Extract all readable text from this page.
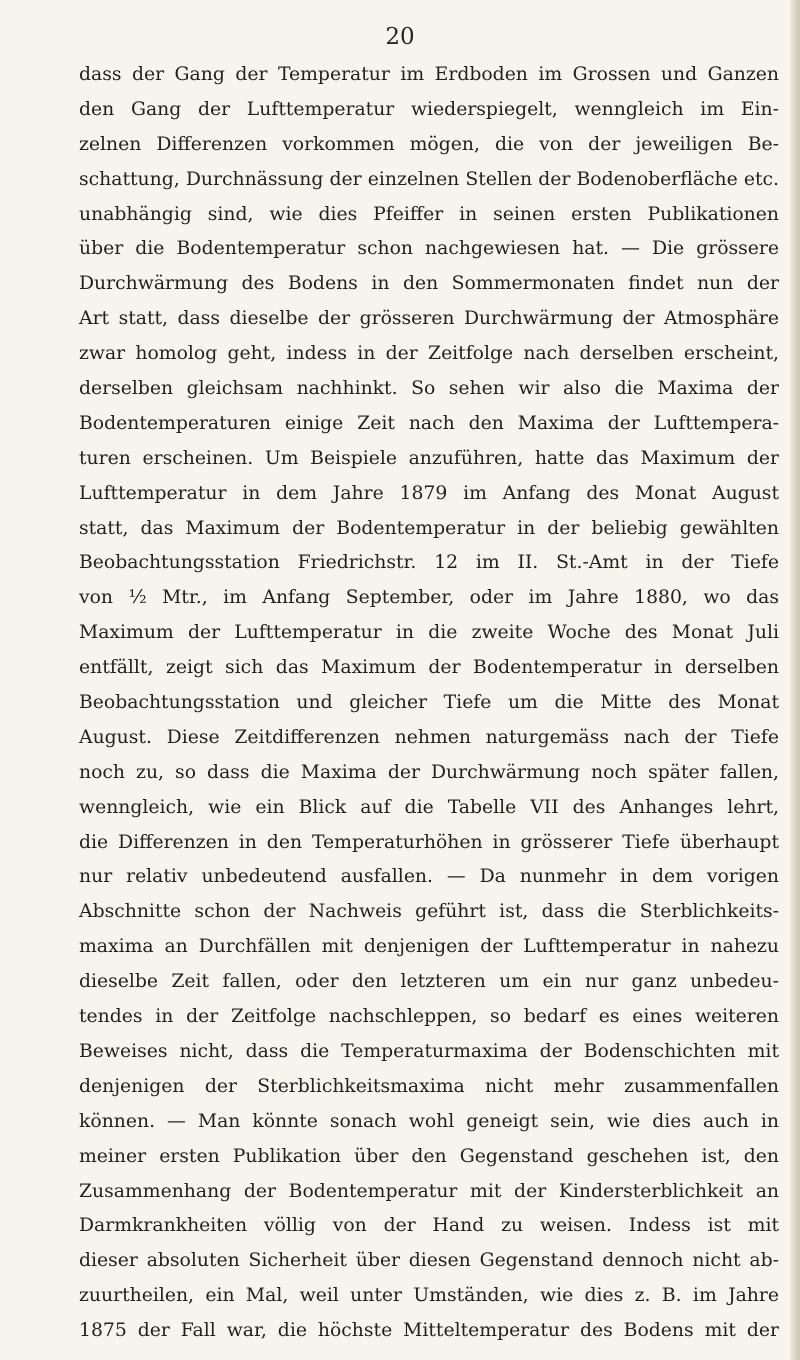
20
dass der Gang der Temperatur im Erdboden im Grossen und Ganzen
den Gang der Lufttemperatur wiederspiegelt, wenngleich im Ein-
zelnen Differenzen vorkommen mögen, die von der jeweiligen Be-
schattung, Durchnässung der einzelnen Stellen der Bodenoberfläche etc.
unabhängig sind, wie dies Pfeiffer in seinen ersten Publikationen
über die Bodentemperatur schon nachgewiesen hat. — Die grössere
Durchwärmung des Bodens in den Sommermonaten findet nun der
Art statt, dass dieselbe der grösseren Durchwärmung der Atmosphäre
zwar homolog geht, indess in der Zeitfolge nach derselben erscheint,
derselben gleichsam nachhinkt. So sehen wir also die Maxima der
Bodentemperaturen einige Zeit nach den Maxima der Lufttempera-
turen erscheinen. Um Beispiele anzuführen, hatte das Maximum der
Lufttemperatur in dem Jahre 1879 im Anfang des Monat August
statt, das Maximum der Bodentemperatur in der beliebig gewählten
Beobachtungsstation Friedrichstr. 12 im II. St.-Amt in der Tiefe
von ½ Mtr., im Anfang September, oder im Jahre 1880, wo das
Maximum der Lufttemperatur in die zweite Woche des Monat Juli
entfällt, zeigt sich das Maximum der Bodentemperatur in derselben
Beobachtungsstation und gleicher Tiefe um die Mitte des Monat
August. Diese Zeitdifferenzen nehmen naturgemäss nach der Tiefe
noch zu, so dass die Maxima der Durchwärmung noch später fallen,
wenngleich, wie ein Blick auf die Tabelle VII des Anhanges lehrt,
die Differenzen in den Temperaturhöhen in grösserer Tiefe überhaupt
nur relativ unbedeutend ausfallen. — Da nunmehr in dem vorigen
Abschnitte schon der Nachweis geführt ist, dass die Sterblichkeits-
maxima an Durchfällen mit denjenigen der Lufttemperatur in nahezu
dieselbe Zeit fallen, oder den letzteren um ein nur ganz unbedeu-
tendes in der Zeitfolge nachschleppen, so bedarf es eines weiteren
Beweises nicht, dass die Temperaturmaxima der Bodenschichten mit
denjenigen der Sterblichkeitsmaxima nicht mehr zusammenfallen
können. — Man könnte sonach wohl geneigt sein, wie dies auch in
meiner ersten Publikation über den Gegenstand geschehen ist, den
Zusammenhang der Bodentemperatur mit der Kindersterblichkeit an
Darmkrankheiten völlig von der Hand zu weisen. Indess ist mit
dieser absoluten Sicherheit über diesen Gegenstand dennoch nicht ab-
zuurtheilen, ein Mal, weil unter Umständen, wie dies z. B. im Jahre
1875 der Fall war, die höchste Mitteltemperatur des Bodens mit der
